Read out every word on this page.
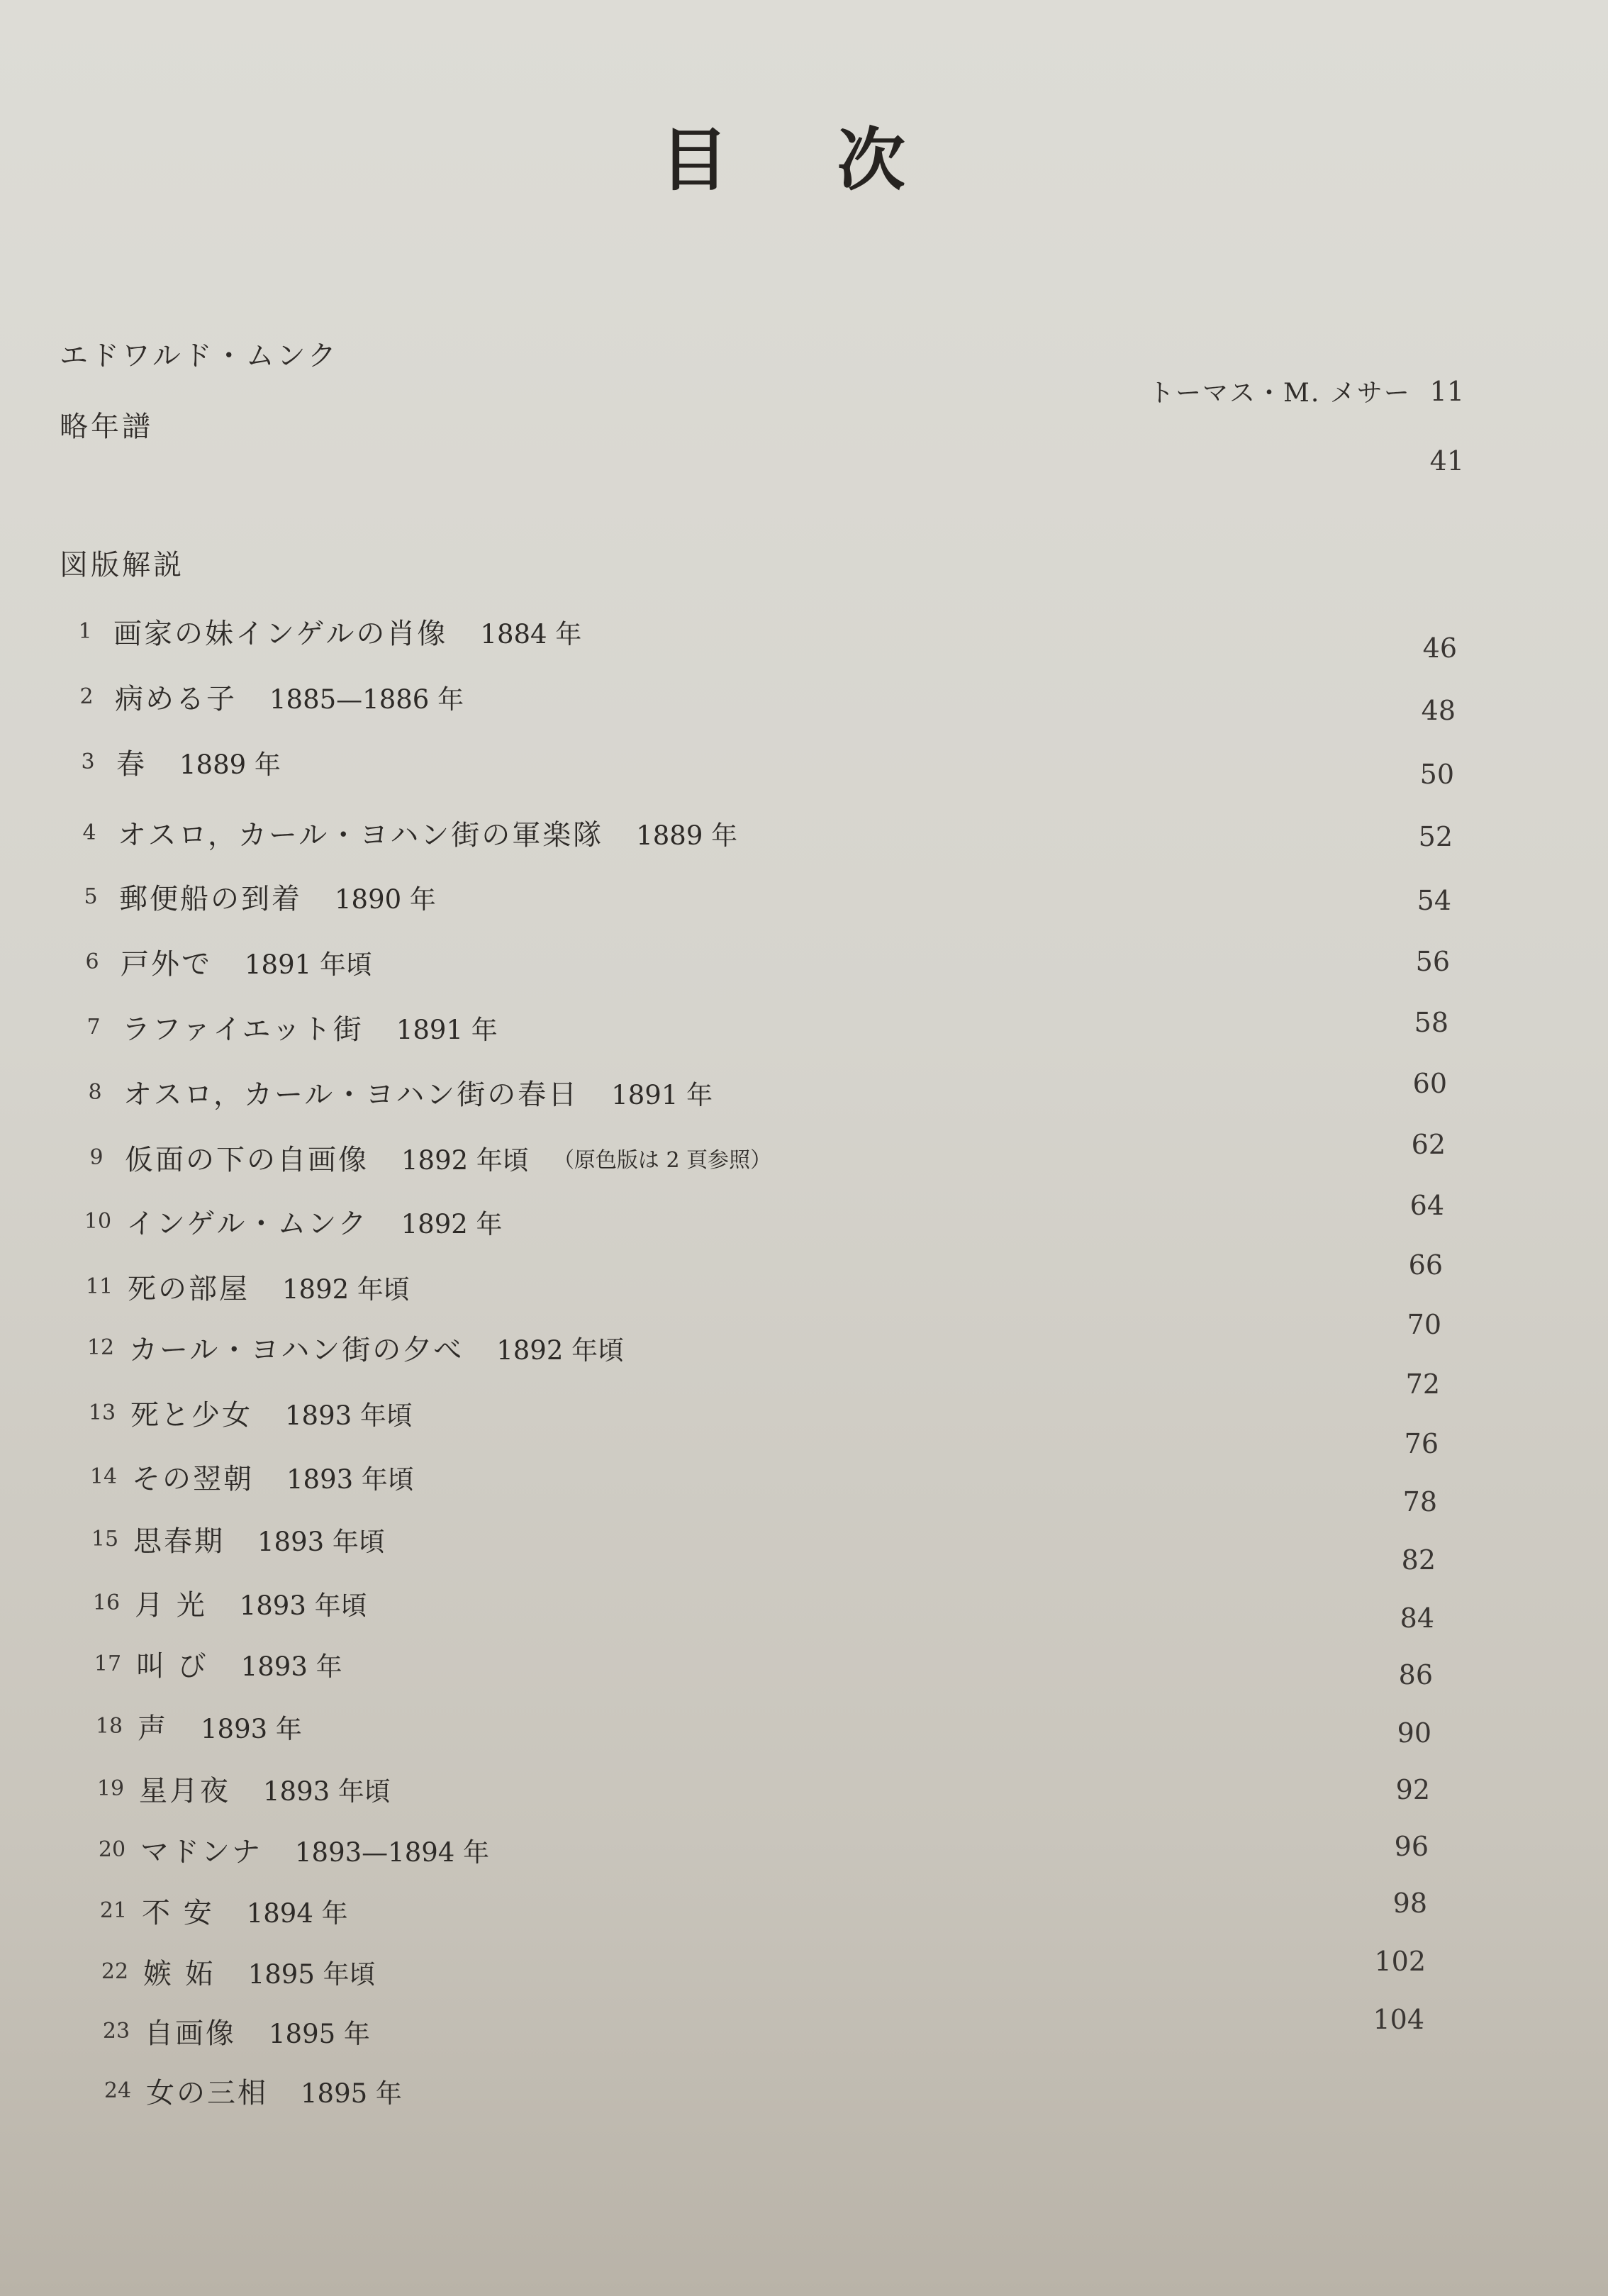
目 次
エドワルド・ムンク
トーマス・M. メサー 11
略年譜
41
図版解説
1 画家の妹インゲルの肖像 1884 年
2 病める子 1885—1886 年
3 春 1889 年
4 オスロ，カール・ヨハン街の軍楽隊 1889 年
5 郵便船の到着 1890 年
6 戸外で 1891 年頃
7 ラファイエット街 1891 年
8 オスロ，カール・ヨハン街の春日 1891 年
9 仮面の下の自画像 1892 年頃 （原色版は 2 頁参照）
10 インゲル・ムンク 1892 年
11 死の部屋 1892 年頃
12 カール・ヨハン街の夕べ 1892 年頃
13 死と少女 1893 年頃
14 その翌朝 1893 年頃
15 思春期 1893 年頃
16 月 光 1893 年頃
17 叫 び 1893 年
18 声 1893 年
19 星月夜 1893 年頃
20 マドンナ 1893—1894 年
21 不 安 1894 年
22 嫉 妬 1895 年頃
23 自画像 1895 年
24 女の三相 1895 年
46
48
50
52
54
56
58
60
62
64
66
70
72
76
78
82
84
86
90
92
96
98
102
104
